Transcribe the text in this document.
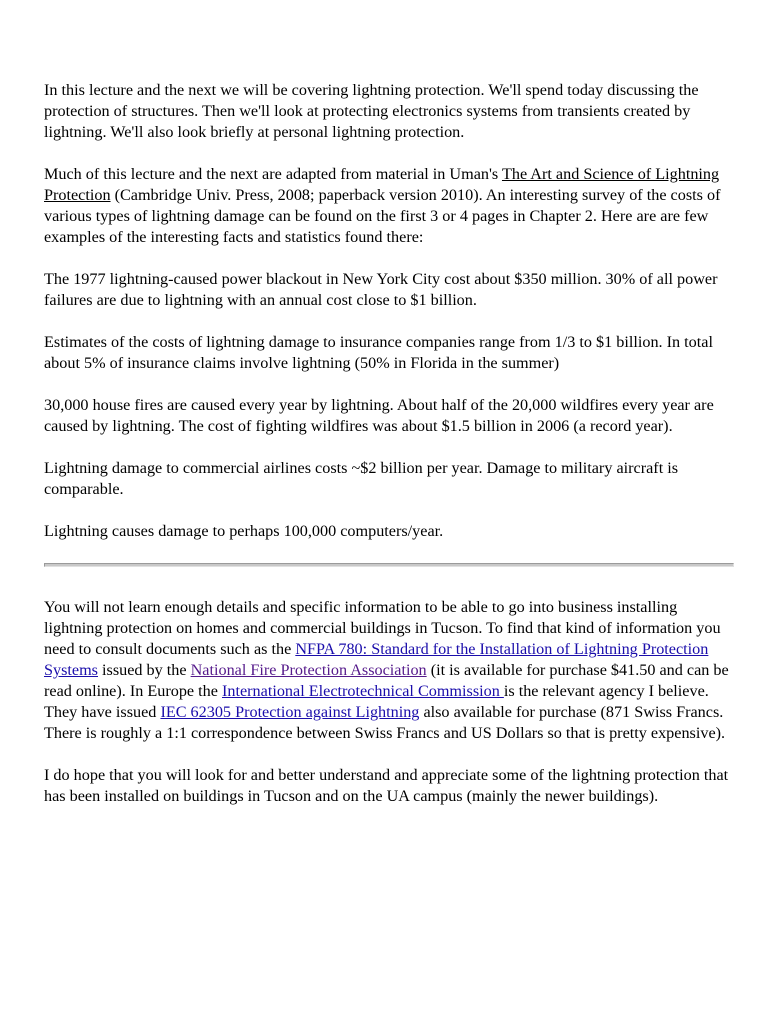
In this lecture and the next we will be covering lightning protection. We'll spend today discussing the protection of structures. Then we'll look at protecting electronics systems from transients created by lightning. We'll also look briefly at personal lightning protection.

Much of this lecture and the next are adapted from material in Uman's The Art and Science of Lightning Protection (Cambridge Univ. Press, 2008; paperback version 2010). An interesting survey of the costs of various types of lightning damage can be found on the first 3 or 4 pages in Chapter 2. Here are are few examples of the interesting facts and statistics found there:

The 1977 lightning-caused power blackout in New York City cost about $350 million. 30% of all power failures are due to lightning with an annual cost close to $1 billion.

Estimates of the costs of lightning damage to insurance companies range from 1/3 to $1 billion. In total about 5% of insurance claims involve lightning (50% in Florida in the summer)

30,000 house fires are caused every year by lightning. About half of the 20,000 wildfires every year are caused by lightning. The cost of fighting wildfires was about $1.5 billion in 2006 (a record year).

Lightning damage to commercial airlines costs ~$2 billion per year. Damage to military aircraft is comparable.

Lightning causes damage to perhaps 100,000 computers/year.

You will not learn enough details and specific information to be able to go into business installing lightning protection on homes and commercial buildings in Tucson. To find that kind of information you need to consult documents such as the NFPA 780: Standard for the Installation of Lightning Protection Systems issued by the National Fire Protection Association (it is available for purchase $41.50 and can be read online). In Europe the International Electrotechnical Commission is the relevant agency I believe. They have issued IEC 62305 Protection against Lightning also available for purchase (871 Swiss Francs. There is roughly a 1:1 correspondence between Swiss Francs and US Dollars so that is pretty expensive).

I do hope that you will look for and better understand and appreciate some of the lightning protection that has been installed on buildings in Tucson and on the UA campus (mainly the newer buildings).
